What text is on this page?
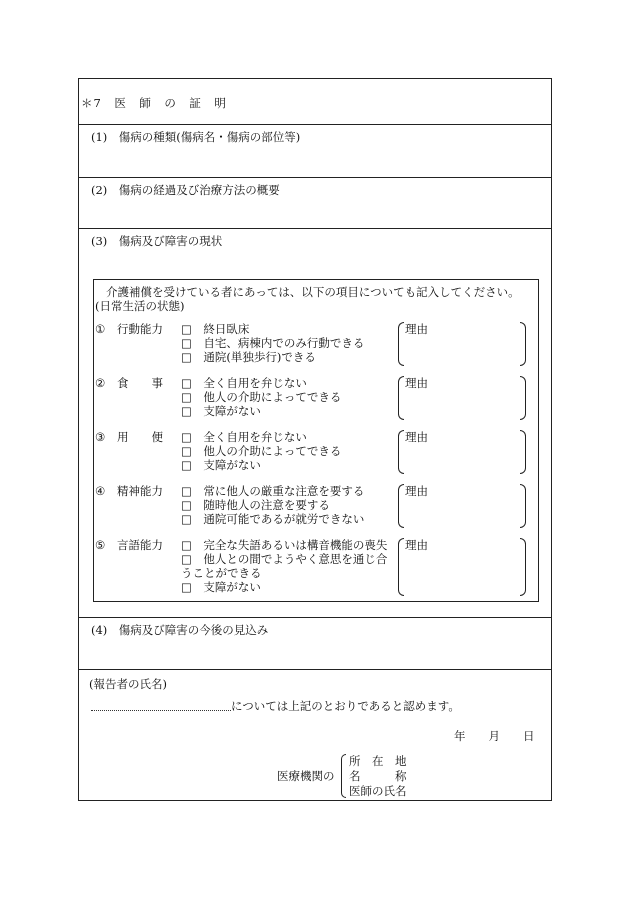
＊7　医　師　の　証　明
(1)　傷病の種類(傷病名・傷病の部位等)
(2)　傷病の経過及び治療方法の概要
(3)　傷病及び障害の現状
介護補償を受けている者にあっては、以下の項目についても記入してください。
(日常生活の状態)
① 行動能力 □　終日臥床
□　自宅、病棟内でのみ行動できる
□　通院(単独歩行)できる
理由
② 食　　事 □　全く自用を弁じない
□　他人の介助によってできる
□　支障がない
理由
③ 用　　便 □　全く自用を弁じない
□　他人の介助によってできる
□　支障がない
理由
④ 精神能力 □　常に他人の厳重な注意を要する
□　随時他人の注意を要する
□　通院可能であるが就労できない
理由
⑤ 言語能力 □　完全な失語あるいは構音機能の喪失
□　他人との間でようやく意思を通じ合
うことができる
□　支障がない
理由
(4)　傷病及び障害の今後の見込み
(報告者の氏名)
については上記のとおりであると認めます。
年　　月　　日
医療機関の
所　在　地
名　　　称
医師の氏名
